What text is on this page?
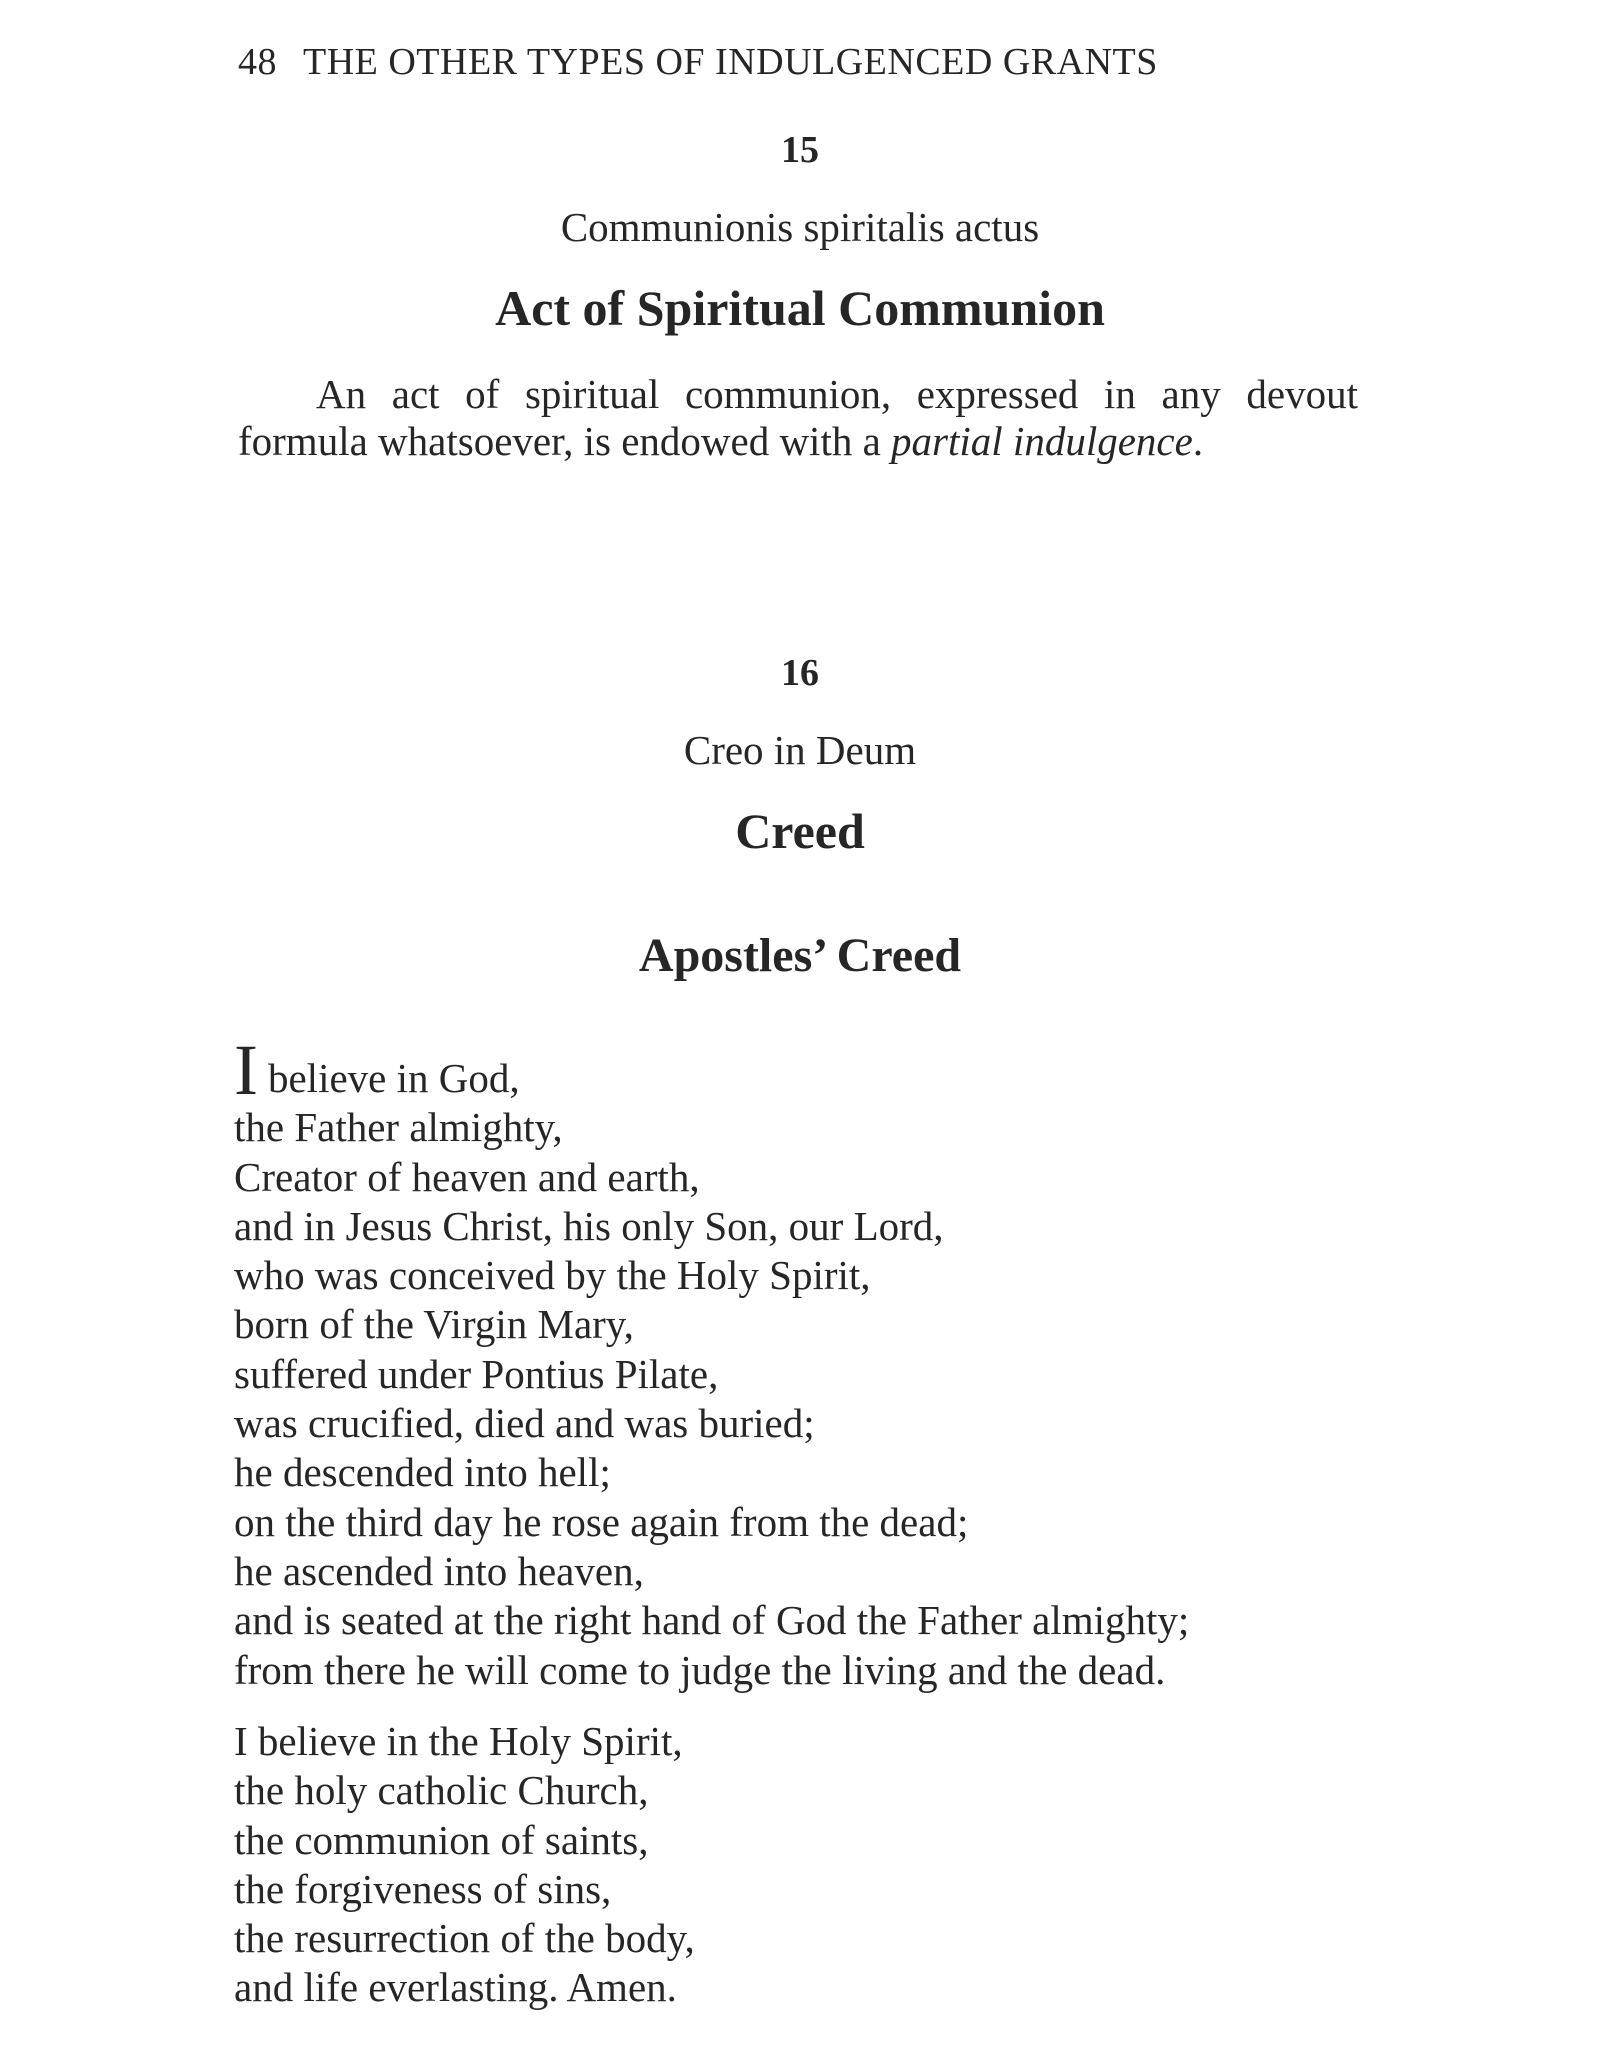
48 THE OTHER TYPES OF INDULGENCED GRANTS
15
Communionis spiritalis actus
Act of Spiritual Communion
An act of spiritual communion, expressed in any devout formula whatsoever, is endowed with a partial indulgence.
16
Creo in Deum
Creed
Apostles’ Creed
Ibelieve in God,
the Father almighty,
Creator of heaven and earth,
and in Jesus Christ, his only Son, our Lord,
who was conceived by the Holy Spirit,
born of the Virgin Mary,
suffered under Pontius Pilate,
was crucified, died and was buried;
he descended into hell;
on the third day he rose again from the dead;
he ascended into heaven,
and is seated at the right hand of God the Father almighty;
from there he will come to judge the living and the dead.
I believe in the Holy Spirit,
the holy catholic Church,
the communion of saints,
the forgiveness of sins,
the resurrection of the body,
and life everlasting. Amen.
